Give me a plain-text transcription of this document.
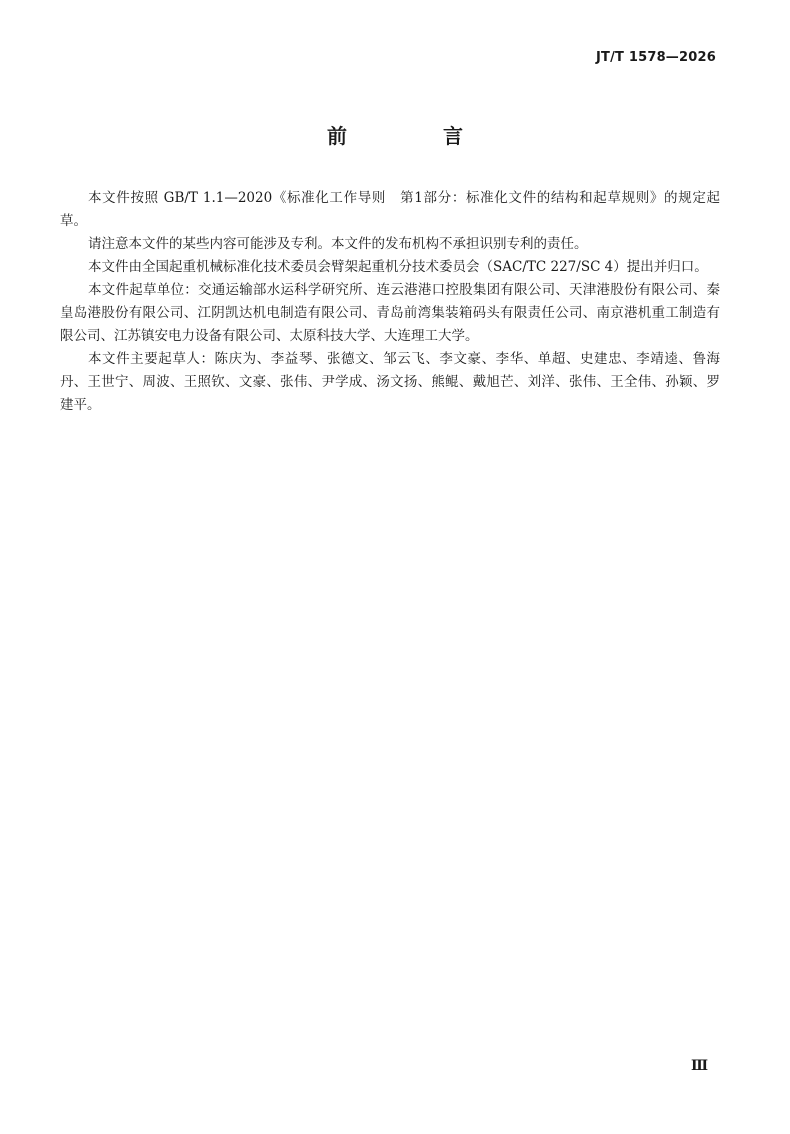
JT/T 1578—2026
前　言

本文件按照 GB/T 1.1—2020《标准化工作导则　第1部分：标准化文件的结构和起草规则》的规定起草。

请注意本文件的某些内容可能涉及专利。本文件的发布机构不承担识别专利的责任。

本文件由全国起重机械标准化技术委员会臂架起重机分技术委员会（SAC/TC 227/SC 4）提出并归口。

本文件起草单位：交通运输部水运科学研究所、连云港港口控股集团有限公司、天津港股份有限公司、秦皇岛港股份有限公司、江阴凯达机电制造有限公司、青岛前湾集装箱码头有限责任公司、南京港机重工制造有限公司、江苏镇安电力设备有限公司、太原科技大学、大连理工大学。

本文件主要起草人：陈庆为、李益琴、张德文、邹云飞、李文豪、李华、单超、史建忠、李靖逵、鲁海丹、王世宁、周波、王照钦、文豪、张伟、尹学成、汤文扬、熊鲲、戴旭芒、刘洋、张伟、王全伟、孙颖、罗建平。

Ⅲ
